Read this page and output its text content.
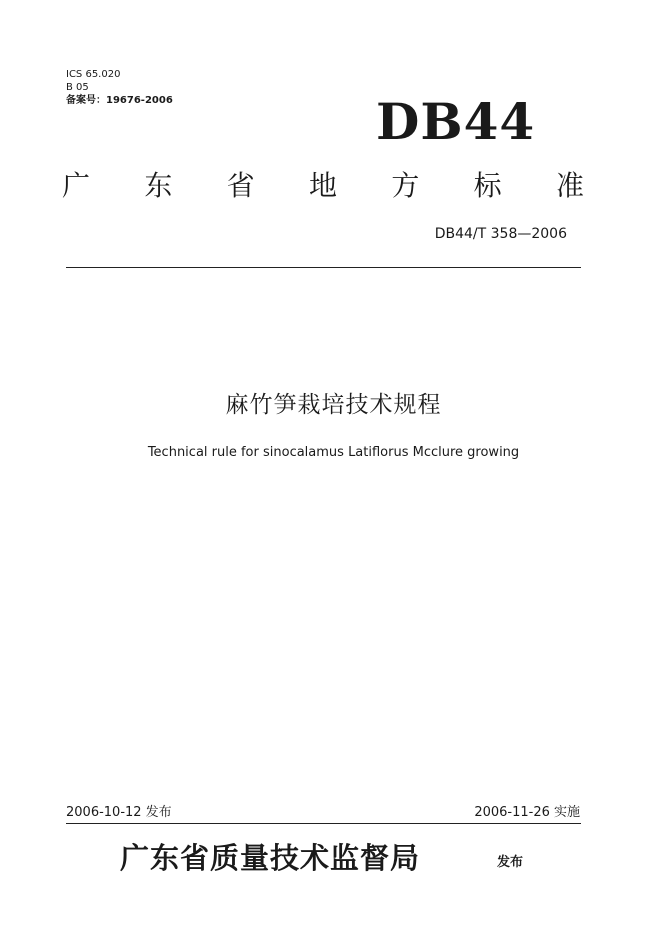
ICS 65.020
B 05
备案号：19676-2006	DB44
广 东 省 地 方 标 准
DB44/T 358—2006
麻竹笋栽培技术规程
Technical rule for sinocalamus Latiflorus Mcclure growing
2006-10-12 发布	2006-11-26 实施
广东省质量技术监督局	发布
